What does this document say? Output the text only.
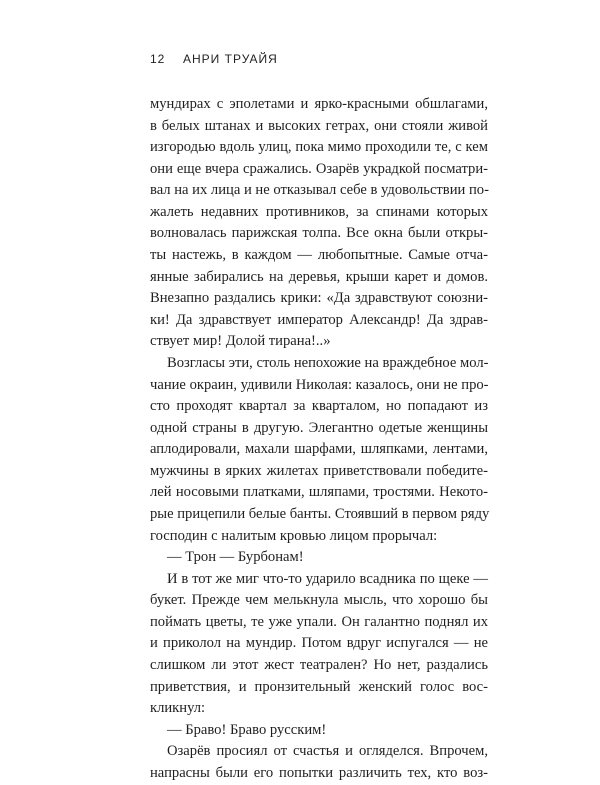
12 АНРИ ТРУАЙЯ
мундирах с эполетами и ярко-красными обшлагами,
в белых штанах и высоких гетрах, они стояли живой
изгородью вдоль улиц, пока мимо проходили те, с кем
они еще вчера сражались. Озарёв украдкой посматри-
вал на их лица и не отказывал себе в удовольствии по-
жалеть недавних противников, за спинами которых
волновалась парижская толпа. Все окна были откры-
ты настежь, в каждом — любопытные. Самые отча-
янные забирались на деревья, крыши карет и домов.
Внезапно раздались крики: «Да здравствуют союзни-
ки! Да здравствует император Александр! Да здрав-
ствует мир! Долой тирана!..»
Возгласы эти, столь непохожие на враждебное мол-
чание окраин, удивили Николая: казалось, они не про-
сто проходят квартал за кварталом, но попадают из
одной страны в другую. Элегантно одетые женщины
аплодировали, махали шарфами, шляпками, лентами,
мужчины в ярких жилетах приветствовали победите-
лей носовыми платками, шляпами, тростями. Некото-
рые прицепили белые банты. Стоявший в первом ряду
господин с налитым кровью лицом прорычал:
— Трон — Бурбонам!
И в тот же миг что-то ударило всадника по щеке —
букет. Прежде чем мелькнула мысль, что хорошо бы
поймать цветы, те уже упали. Он галантно поднял их
и приколол на мундир. Потом вдруг испугался — не
слишком ли этот жест театрален? Но нет, раздались
приветствия, и пронзительный женский голос вос-
кликнул:
— Браво! Браво русским!
Озарёв просиял от счастья и огляделся. Впрочем,
напрасны были его попытки различить тех, кто воз-
